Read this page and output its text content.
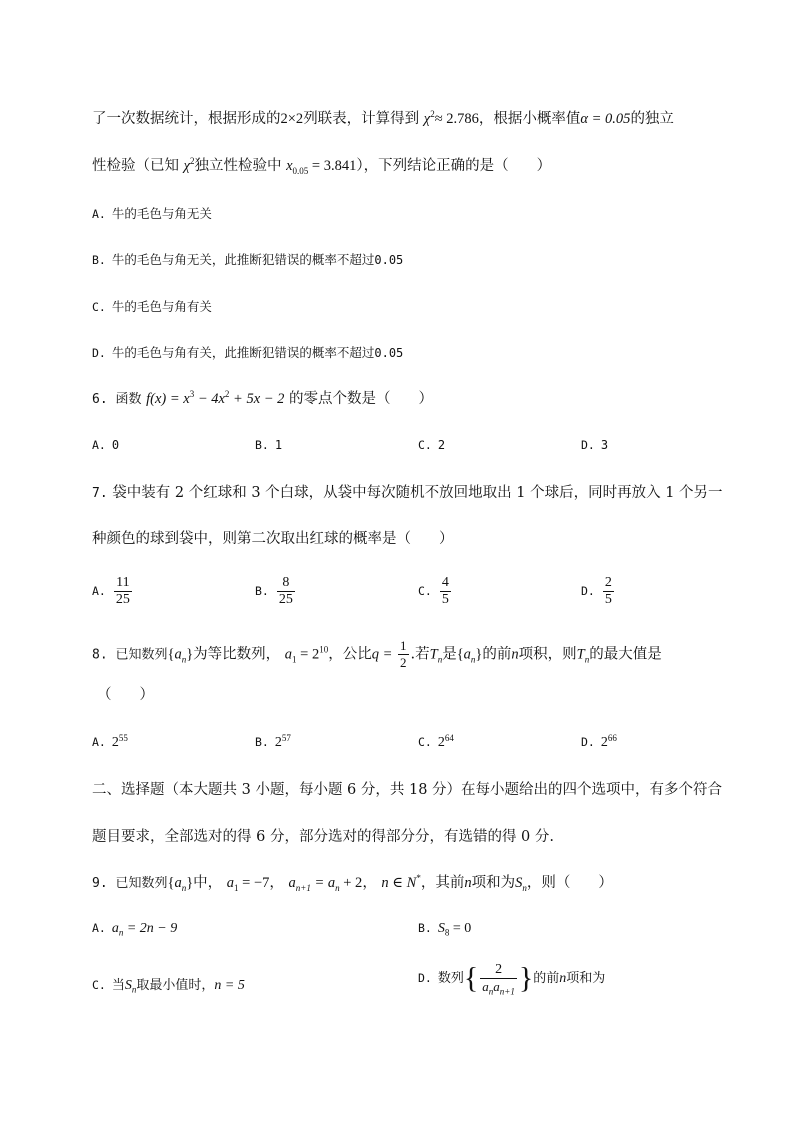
了一次数据统计，根据形成的2×2列联表，计算得到 $\chi^2\approx 2.786$，根据小概率值α = 0.05的独立
性检验（已知 $\chi^2$独立性检验中 $x_{0.05} = 3.841$），下列结论正确的是（ ）
A. 牛的毛色与角无关
B. 牛的毛色与角无关，此推断犯错误的概率不超过0.05
C. 牛的毛色与角有关
D. 牛的毛色与角有关，此推断犯错误的概率不超过0.05
6. 函数 $f(x) = x^3 - 4x^2 + 5x - 2$ 的零点个数是（ ）
A. 0	B. 1	C. 2	D. 3
7. 袋中装有 2 个红球和 3 个白球，从袋中每次随机不放回地取出 1 个球后，同时再放入 1 个另一
种颜色的球到袋中，则第二次取出红球的概率是（ ）
A. $\frac{11}{25}$	B. $\frac{8}{25}$	C. $\frac{4}{5}$	D. $\frac{2}{5}$
8. 已知数列$\{a_n\}$为等比数列， $a_1 = 2^{10}$，公比$q = \frac{1}{2}$ .若$T_n$是$\{a_n\}$的前n项积，则$T_n$的最大值是
（ ）
A. $2^{55}$	B. $2^{57}$	C. $2^{64}$	D. $2^{66}$
二、选择题（本大题共 3 小题，每小题 6 分，共 18 分）在每小题给出的四个选项中，有多个符合
题目要求，全部选对的得 6 分，部分选对的得部分分，有选错的得 0 分.
9. 已知数列$\{a_n\}$中， $a_1 = -7$， $a_{n+1} = a_n + 2$， n ∈ N*，其前n项和为$S_n$，则（ ）
A. $a_n = 2n - 9$	B. $S_8 = 0$
C. 当$S_n$取最小值时，n = 5	D. 数列{ $\frac{2}{a_na_{n+1}}$ }的前n项和为
